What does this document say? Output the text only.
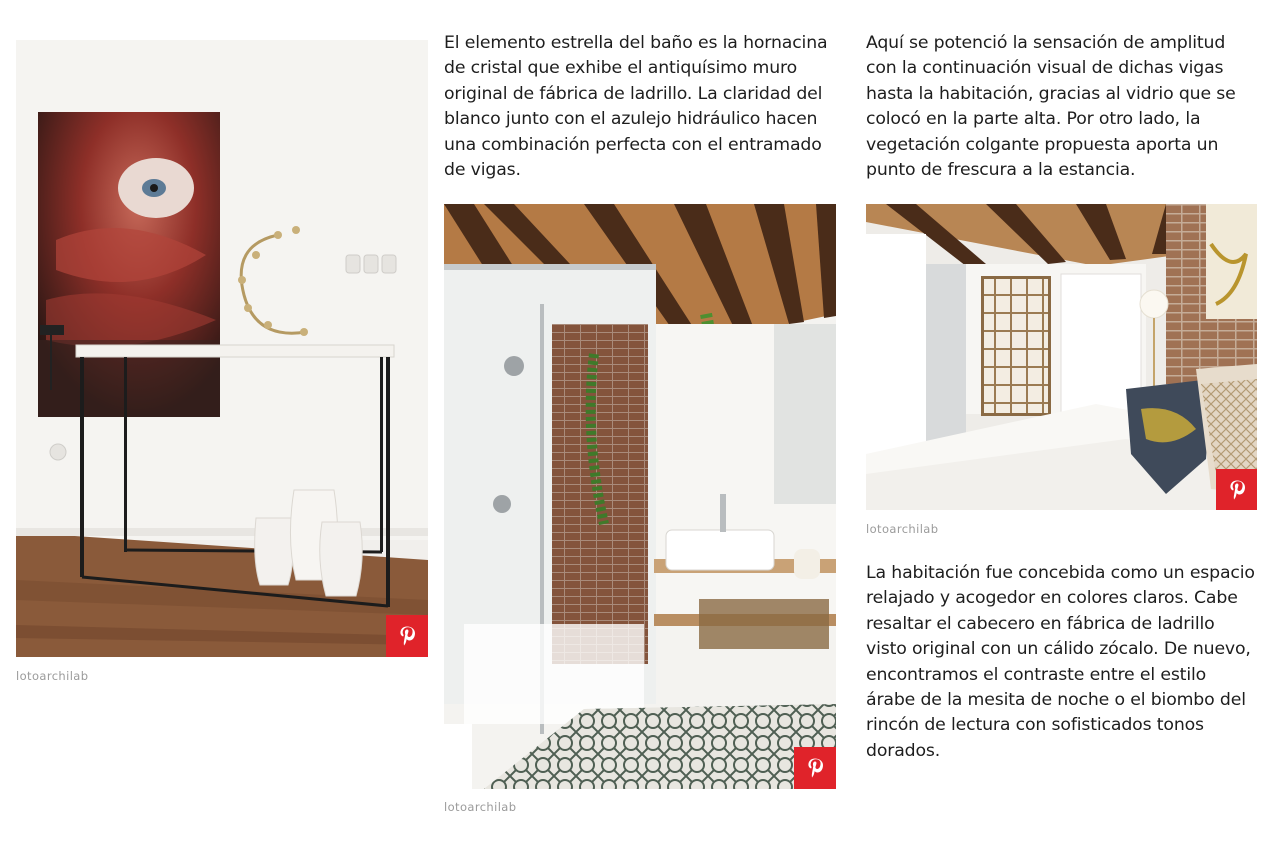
lotoarchilab

El elemento estrella del baño es la hornacina de cristal que exhibe el antiquísimo muro original de fábrica de ladrillo. La claridad del blanco junto con el azulejo hidráulico hacen una combinación perfecta con el entramado de vigas.

lotoarchilab

Aquí se potenció la sensación de amplitud con la continuación visual de dichas vigas hasta la habitación, gracias al vidrio que se colocó en la parte alta. Por otro lado, la vegetación colgante propuesta aporta un punto de frescura a la estancia.

lotoarchilab

La habitación fue concebida como un espacio relajado y acogedor en colores claros. Cabe resaltar el cabecero en fábrica de ladrillo visto original con un cálido zócalo. De nuevo, encontramos el contraste entre el estilo árabe de la mesita de noche o el biombo del rincón de lectura con sofisticados tonos dorados.
